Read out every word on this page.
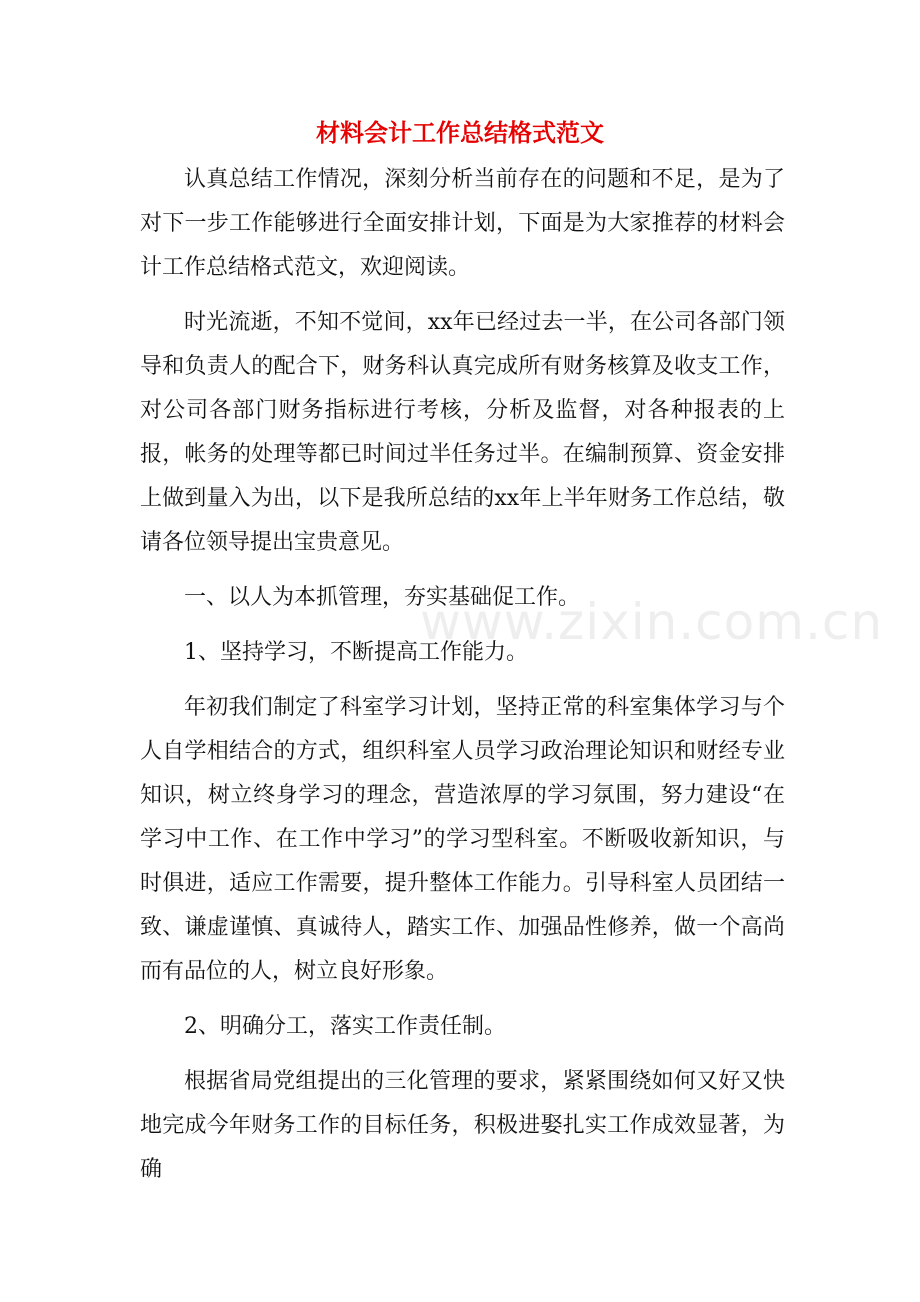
材料会计工作总结格式范文
www.zixin.com.cn

认真总结工作情况，深刻分析当前存在的问题和不足，是为了对下一步工作能够进行全面安排计划，下面是为大家推荐的材料会计工作总结格式范文，欢迎阅读。

时光流逝，不知不觉间，xx年已经过去一半，在公司各部门领导和负责人的配合下，财务科认真完成所有财务核算及收支工作，对公司各部门财务指标进行考核，分析及监督，对各种报表的上报，帐务的处理等都已时间过半任务过半。在编制预算、资金安排上做到量入为出，以下是我所总结的xx年上半年财务工作总结，敬请各位领导提出宝贵意见。

一、以人为本抓管理，夯实基础促工作。

1、坚持学习，不断提高工作能力。

年初我们制定了科室学习计划，坚持正常的科室集体学习与个人自学相结合的方式，组织科室人员学习政治理论知识和财经专业知识，树立终身学习的理念，营造浓厚的学习氛围，努力建设“在学习中工作、在工作中学习”的学习型科室。不断吸收新知识，与时俱进，适应工作需要，提升整体工作能力。引导科室人员团结一致、谦虚谨慎、真诚待人，踏实工作、加强品性修养，做一个高尚而有品位的人，树立良好形象。

2、明确分工，落实工作责任制。

根据省局党组提出的三化管理的要求，紧紧围绕如何又好又快地完成今年财务工作的目标任务，积极进娶扎实工作成效显著，为确
